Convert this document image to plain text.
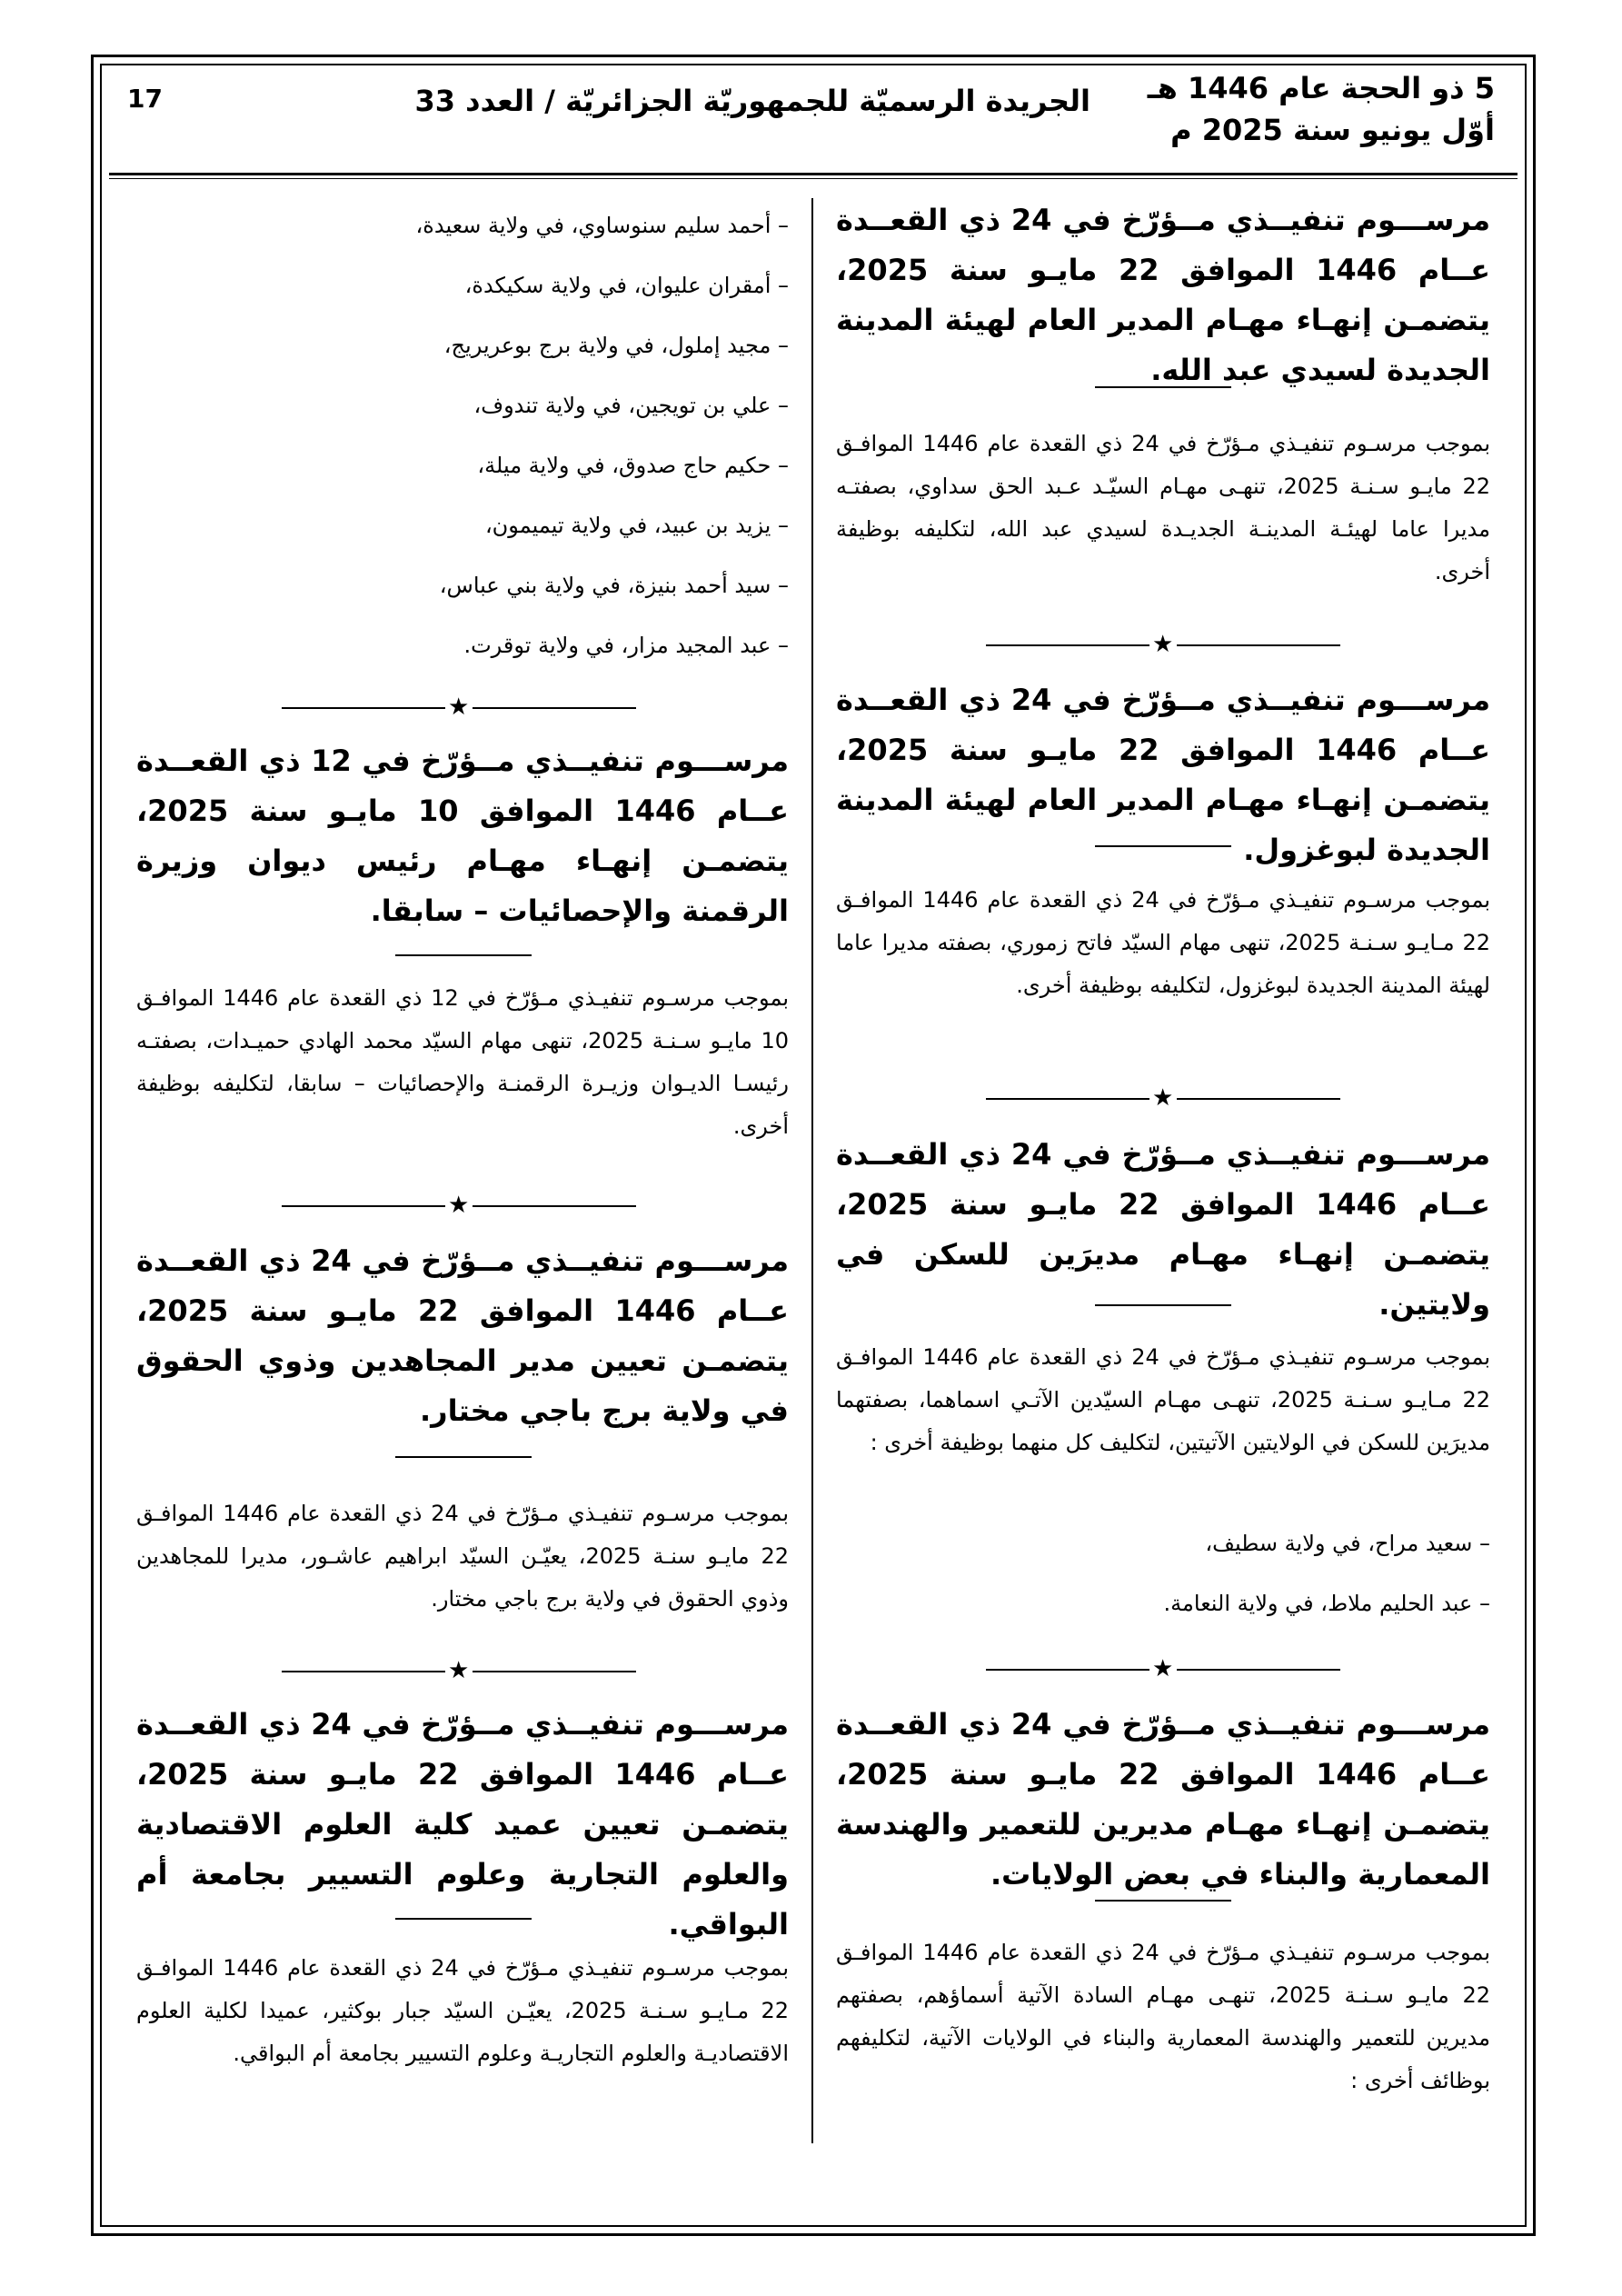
5 ذو الحجة عام 1446 هـ
أوّل يونيو سنة 2025 م
الجريدة الرسميّة للجمهوريّة الجزائريّة / العدد 33
17

مرســـوم تنفيــذي مــؤرّخ في 24 ذي القعــدة عــام 1446 الموافق 22 مايـو سنة 2025، يتضمـن إنهـاء مهـام المدير العام لهيئة المدينة الجديدة لسيدي عبد الله.

بموجب مرسـوم تنفيـذي مـؤرّخ في 24 ذي القعدة عام 1446 الموافـق 22 مايـو سـنـة 2025، تنهـى مهـام السيّـد عـبد الحق سداوي، بصفتـه مديرا عاما لهيئـة المدينـة الجديـدة لسيدي عبد الله، لتكليفه بوظيفة أخرى.

★

مرســـوم تنفيــذي مــؤرّخ في 24 ذي القعــدة عــام 1446 الموافق 22 مايـو سنة 2025، يتضمـن إنهـاء مهـام المدير العام لهيئة المدينة الجديدة لبوغزول.

بموجب مرسـوم تنفيـذي مـؤرّخ في 24 ذي القعدة عام 1446 الموافـق 22 مـايـو سـنـة 2025، تنهى مهام السيّد فاتح زموري، بصفته مديرا عاما لهيئة المدينة الجديدة لبوغزول، لتكليفه بوظيفة أخرى.

★

مرســـوم تنفيــذي مــؤرّخ في 24 ذي القعــدة عــام 1446 الموافق 22 مايـو سنة 2025، يتضمـن إنهـاء مهـام مديرَين للسكن في ولايتين.

بموجب مرسـوم تنفيـذي مـؤرّخ في 24 ذي القعدة عام 1446 الموافـق 22 مـايـو سـنـة 2025، تنهـى مهـام السيّدين الآتـي اسماهما، بصفتهما مديرَين للسكن في الولايتين الآتيتين، لتكليف كل منهما بوظيفة أخرى :

– سعيد مراح، في ولاية سطيف،

– عبد الحليم ملاط، في ولاية النعامة.

★

مرســـوم تنفيــذي مــؤرّخ في 24 ذي القعــدة عــام 1446 الموافق 22 مايـو سنة 2025، يتضمـن إنهـاء مهـام مديرين للتعمير والهندسة المعمارية والبناء في بعض الولايات.

بموجب مرسـوم تنفيـذي مـؤرّخ في 24 ذي القعدة عام 1446 الموافـق 22 مايـو سـنـة 2025، تنهـى مهـام السادة الآتية أسماؤهم، بصفتهم مديرين للتعمير والهندسة المعمارية والبناء في الولايات الآتية، لتكليفهم بوظائف أخرى :

– أحمد سليم سنوساوي، في ولاية سعيدة،

– أمقران عليوان، في ولاية سكيكدة،

– مجيد إملول، في ولاية برج بوعريريج،

– علي بن تويجين، في ولاية تندوف،

– حكيم حاج صدوق، في ولاية ميلة،

– يزيد بن عبيد، في ولاية تيميمون،

– سيد أحمد بنيزة، في ولاية بني عباس،

– عبد المجيد مزار، في ولاية توقرت.

★

مرســـوم تنفيــذي مــؤرّخ في 12 ذي القعــدة عــام 1446 الموافق 10 مايـو سنة 2025، يتضمـن إنهـاء مهـام رئيس ديوان وزيرة الرقمنة والإحصائيات – سابقا.

بموجب مرسـوم تنفيـذي مـؤرّخ في 12 ذي القعدة عام 1446 الموافـق 10 مايـو سـنـة 2025، تنهى مهام السيّد محمد الهادي حميـدات، بصفتـه رئيسـا الديـوان وزيـرة الرقمنـة والإحصائيات – سابقا، لتكليفه بوظيفة أخرى.

★

مرســـوم تنفيــذي مــؤرّخ في 24 ذي القعــدة عــام 1446 الموافق 22 مايـو سنة 2025، يتضمـن تعيين مدير المجاهدين وذوي الحقوق في ولاية برج باجي مختار.

بموجب مرسـوم تنفيـذي مـؤرّخ في 24 ذي القعدة عام 1446 الموافـق 22 مايـو سنـة 2025، يعيّـن السيّد ابراهيم عاشـور، مديرا للمجاهدين وذوي الحقوق في ولاية برج باجي مختار.

★

مرســـوم تنفيــذي مــؤرّخ في 24 ذي القعــدة عــام 1446 الموافق 22 مايـو سنة 2025، يتضمـن تعيين عميد كلية العلوم الاقتصادية والعلوم التجارية وعلوم التسيير بجامعة أم البواقي.

بموجب مرسـوم تنفيـذي مـؤرّخ في 24 ذي القعدة عام 1446 الموافـق 22 مـايـو سـنـة 2025، يعيّـن السيّد جبار بوكثير، عميدا لكلية العلوم الاقتصاديـة والعلوم التجاريـة وعلوم التسيير بجامعة أم البواقي.
